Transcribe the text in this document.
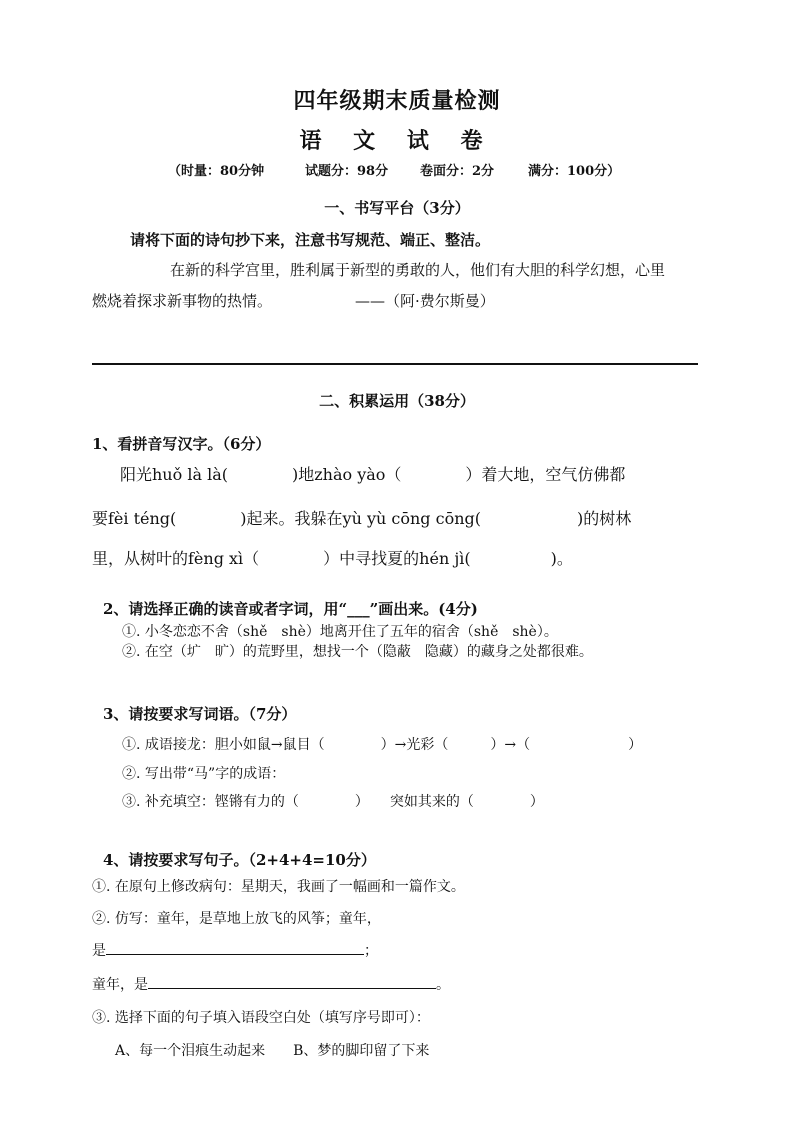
四年级期末质量检测
语 文 试 卷
（时量：80分钟	试题分：98分 卷面分：2分	满分：100分）
一、书写平台（3分）
请将下面的诗句抄下来，注意书写规范、端正、整洁。
在新的科学宫里，胜利属于新型的勇敢的人，他们有大胆的科学幻想，心里
燃烧着探求新事物的热情。	——（阿·费尔斯曼）
二、积累运用（38分）
1、看拼音写汉字。（6分）
阳光huǒ là là(　　　　)地zhào yào（　　　　）着大地，空气仿佛都
要fèi téng(　　　　)起来。我躲在yù yù cōng cōng(　　　　　　)的树林
里，从树叶的fèng xì（　　　　）中寻找夏的hén jì(　　　　　)。
2、请选择正确的读音或者字词，用“___”画出来。(4分)
①. 小冬恋恋不舍（shě　shè）地离开住了五年的宿舍（shě　shè）。
②. 在空（圹　旷）的荒野里，想找一个（隐蔽　隐藏）的藏身之处都很难。
3、请按要求写词语。（7分）
①. 成语接龙：胆小如鼠→鼠目（　　　　）→光彩（　　　）→（　　　　　　　）
②. 写出带“马”字的成语：
③. 补充填空：铿锵有力的（　　　　）　　突如其来的（　　　　）
4、请按要求写句子。（2+4+4=10分）
①. 在原句上修改病句：星期天，我画了一幅画和一篇作文。
②. 仿写：童年，是草地上放飞的风筝；童年，
是	；
童年，是	。
③. 选择下面的句子填入语段空白处（填写序号即可）：
A、每一个泪痕生动起来　　B、梦的脚印留了下来
